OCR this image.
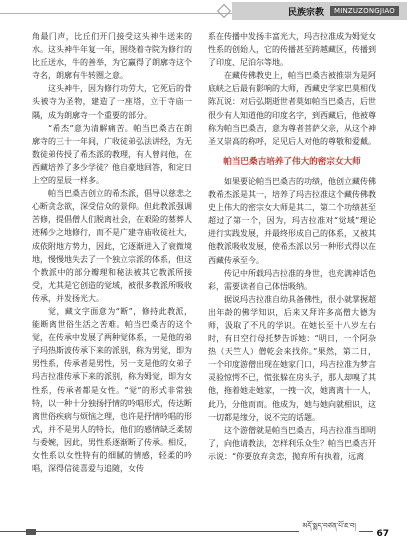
民族宗教	MINZUZONGJIAO

角最门声，比丘们开门接受这头神牛送来的水。这头神牛年复一年，围绕着寺院为修行的比丘送水，牛的善举，为它赢得了朗廓寺这个寺名，朗廓有牛转圈之意。

这头神牛，因为修行功劳大，它死后的骨头被寺为圣物，建造了一座塔，立于寺庙一隅，成为朗廓寺一个重要的部分。

“希杰”意为清解痛苦。帕当巴桑吉在朗廓寺的三十一年间，广收徒弟弘法讲经，为无数徒弟传授了希杰派的教理，有人曾问他，在西藏培养了多少学徒？他自豪地回答，和定日上空的星辰一样多。

帕当巴桑吉创立的希杰派，倡导以慈悲之心断贪念欲，深受信众的景仰。但此教派强调苦修，提倡僧人们脱离社会，在艰险的墓葬人迹稀少之地修行，而不是广建寺庙收徒社大，成依附地方势力，因此，它逐渐进入了衰微境地，慢慢地失去了一个独立宗派的体系，但这个教派中的部分瓣理和秘法被其它教派所接受，尤其是它创造的觉域，被很多教派所吸收传承，并发扬光大。

觉，藏文字面意为“断”，修持此教派，能断离世俗生活之苦难。帕当巴桑吉的这个觉，在传承中发展了两种觉体系，一是他的弟子玛热斯波传承下来的派别，称为男觉，即为男性系，传承者是男性，另一支是他的女弟子玛吉拉准传承下来的派别，称为姆觉，即为女性系，传承者都是女性。“觉”的形式非常独特，以一种十分独扬抒情的吟唱形式，传达断离世俗疾病与烦恼之理，也许是抒情吟唱的形式，并不是男人的特长，他们的感情缺乏柔韧与委婉，因此，男性系逐渐断了传承。相反，女性系以女性特有的细腻的情感，轻柔的吟唱，深得信徒喜爱与追随，女传

系在传播中发扬丰富光大，玛吉拉准成为姆觉女性系的创始人，它的传播甚至跨越藏区，传播到了印度、尼泊尔等地。

在藏传佛教史上，帕当巴桑吉被推崇为是阿底峡之后最有影响的大师，西藏史学家巴莫相伐陈瓦说：对后弘期逝世者莫如帕当巴桑吉，后世很少有人知道他的印度名字，到西藏后，他被尊称为帕当巴桑吉，意为尊者菩萨父亲，从这个神圣又崇高的称呼，足见后人对他的尊敬和爱戴。

帕当巴桑吉培养了伟大的密宗女大师

如果要论帕当巴桑吉的功绩，他创立藏传佛教希杰派是其一，培养了玛吉拉准这个藏传佛教史上伟大的密宗女大师是其二，第二个功绩甚至超过了第一个，因为，玛吉拉准对“觉域”理论进行实践发展，并最终形成自己的体系，又被其他教派吸收发展，使希杰派以另一种形式得以在西藏传承至今。

传记中所载玛吉拉准的身世，也充满神话色彩，需要读者自己体悟吸纳。

据说玛吉拉准自幼具备佛性，很小就掌握超出年龄的佛学知识，后来又拜许多高僧大德为师，汲取了不凡的学识。在她长至十八岁左右时，有日空行母托梦告诉她：“明日，一个阿杂热（天竺人）僧乾会来找你。”果然，第二日，一个印度游僧出现在她家门口，玛吉拉准为梦言灵验惊愕不已，慌张躲在房头子，那人却嗅了其他，拖着她走她家，一拽一次，她离离十一人，此乃，分他而而。他成为，她与她向就相识，这一切都是缘分，说不完的话题。

这个游僧就是帕当巴桑吉，玛吉拉准当即明了，向他请教法，怎样利乐众生？帕当巴桑吉开示说：“你要放弃贪恋，抛弃所有执着，远离

མདོ་སྨད་བཙན་པོ་ཇ་བ།
67
